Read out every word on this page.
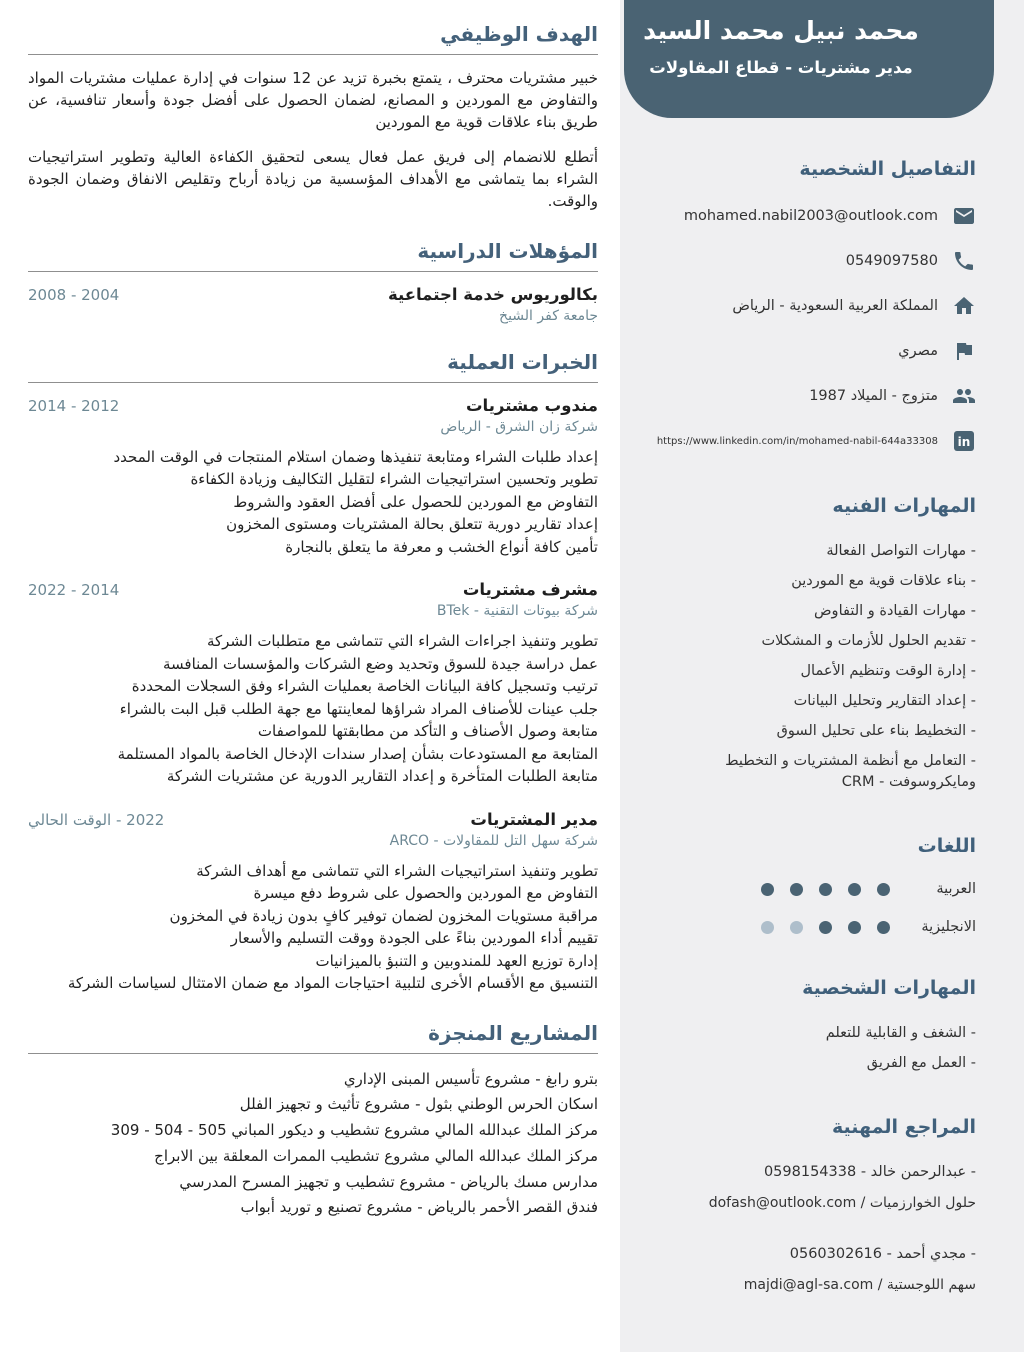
محمد نبيل محمد السيد
مدير مشتريات - قطاع المقاولات
التفاصيل الشخصية
mohamed.nabil2003@outlook.com
0549097580
المملكة العربية السعودية - الرياض
مصري
متزوج - الميلاد 1987
in
https://www.linkedin.com/in/mohamed-nabil-644a33308
المهارات الفنيه
- مهارات التواصل الفعالة
- بناء علاقات قوية مع الموردين
- مهارات القيادة و التفاوض
- تقديم الحلول للأزمات و المشكلات
- إدارة الوقت وتنظيم الأعمال
- إعداد التقارير وتحليل البيانات
- التخطيط بناء على تحليل السوق
- التعامل مع أنظمة المشتريات و التخطيط ومايكروسوفت - CRM
اللغات
العربية
الانجليزية
المهارات الشخصية
- الشغف و القابلية للتعلم
- العمل مع الفريق
المراجع المهنية
- عبدالرحمن خالد - 0598154338
حلول الخوارزميات / dofash@outlook.com
- مجدي أحمد - 0560302616
سهم اللوجستية / majdi@agl-sa.com
الهدف الوظيفي

خبير مشتريات محترف ، يتمتع بخبرة تزيد عن 12 سنوات في إدارة عمليات مشتريات المواد والتفاوض مع الموردين و المصانع، لضمان الحصول على أفضل جودة وأسعار تنافسية، عن طريق بناء علاقات قوية مع الموردين

أتطلع للانضمام إلى فريق عمل فعال يسعى لتحقيق الكفاءة العالية وتطوير استراتيجيات الشراء بما يتماشى مع الأهداف المؤسسية من زيادة أرباح وتقليص الانفاق وضمان الجودة والوقت.

المؤهلات الدراسية
بكالوريوس خدمة اجتماعية
2004 - 2008
جامعة كفر الشيخ
الخبرات العملية
مندوب مشتريات
2012 - 2014
شركة زان الشرق - الرياض

إعداد طلبات الشراء ومتابعة تنفيذها وضمان استلام المنتجات في الوقت المحدد

تطوير وتحسين استراتيجيات الشراء لتقليل التكاليف وزيادة الكفاءة

التفاوض مع الموردين للحصول على أفضل العقود والشروط

إعداد تقارير دورية تتعلق بحالة المشتريات ومستوى المخزون

تأمين كافة أنواع الخشب و معرفة ما يتعلق بالنجارة

مشرف مشتريات
2014 - 2022
شركة بيوتات التقنية - BTek

تطوير وتنفيذ اجراءات الشراء التي تتماشى مع متطلبات الشركة

عمل دراسة جيدة للسوق وتحديد وضع الشركات والمؤسسات المنافسة

ترتيب وتسجيل كافة البيانات الخاصة بعمليات الشراء وفق السجلات المحددة

جلب عينات للأصناف المراد شراؤها لمعاينتها مع جهة الطلب قبل البت بالشراء

متابعة وصول الأصناف و التأكد من مطابقتها للمواصفات

المتابعة مع المستودعات بشأن إصدار سندات الإدخال الخاصة بالمواد المستلمة

متابعة الطلبات المتأخرة و إعداد التقارير الدورية عن مشتريات الشركة

مدير المشتريات
2022 - الوقت الحالي
شركة سهل التل للمقاولات - ARCO

تطوير وتنفيذ استراتيجيات الشراء التي تتماشى مع أهداف الشركة

التفاوض مع الموردين والحصول على شروط دفع ميسرة

مراقبة مستويات المخزون لضمان توفير كافٍ بدون زيادة في المخزون

تقييم أداء الموردين بناءً على الجودة ووقت التسليم والأسعار

إدارة توزيع العهد للمندوبين و التنبؤ بالميزانيات

التنسيق مع الأقسام الأخرى لتلبية احتياجات المواد مع ضمان الامتثال لسياسات الشركة

المشاريع المنجزة

بترو رابغ - مشروع تأسيس المبنى الإداري

اسكان الحرس الوطني بثول - مشروع تأثيث و تجهيز الفلل

مركز الملك عبدالله المالي مشروع تشطيب و ديكور المباني 505 - 504 - 309

مركز الملك عبدالله المالي مشروع تشطيب الممرات المعلقة بين الابراج

مدارس مسك بالرياض - مشروع تشطيب و تجهيز المسرح المدرسي

فندق القصر الأحمر بالرياض - مشروع تصنيع و توريد أبواب
